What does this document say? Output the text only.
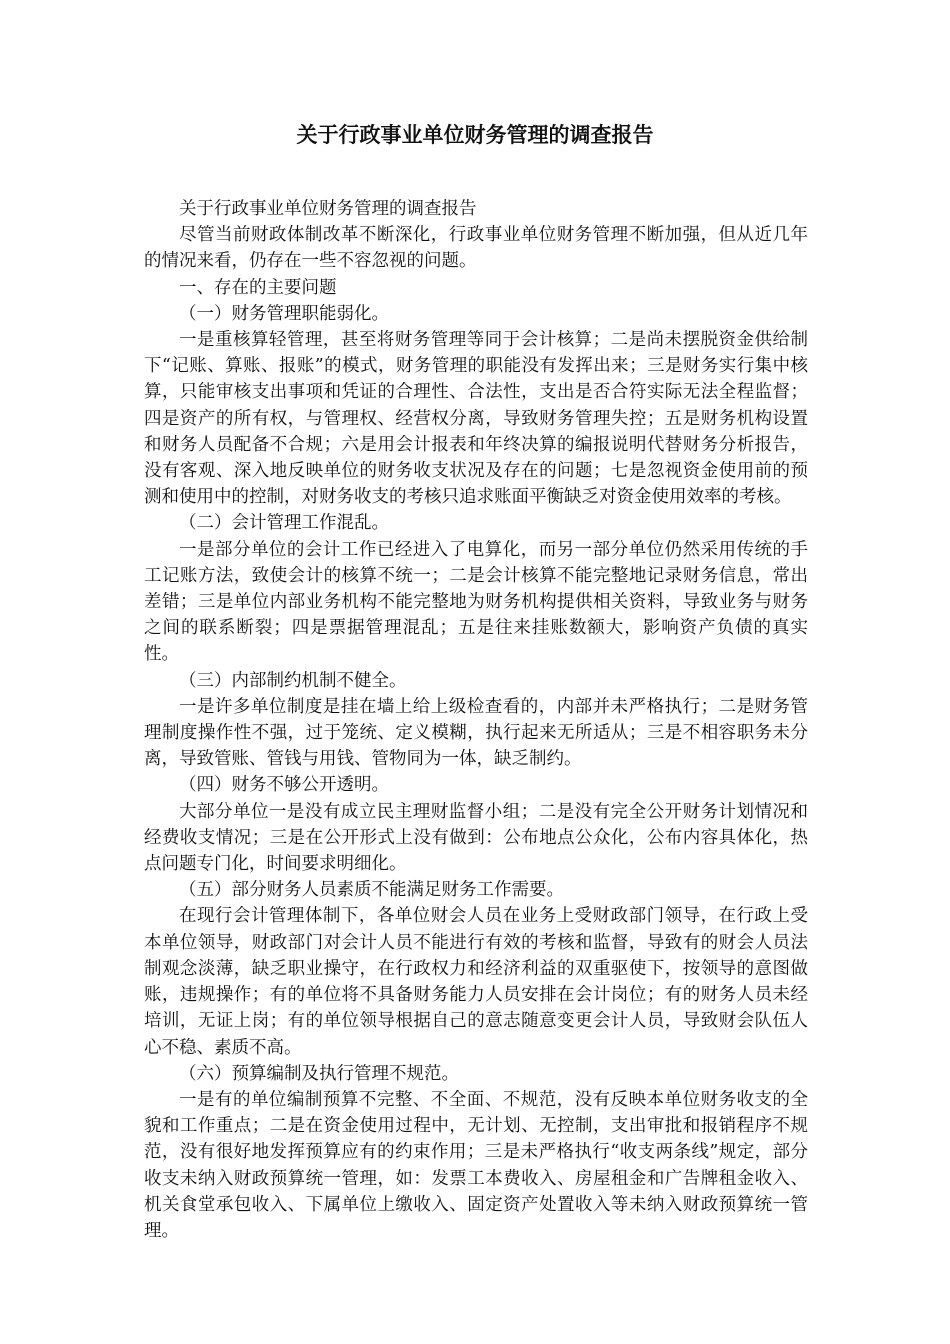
关于行政事业单位财务管理的调查报告

关于行政事业单位财务管理的调查报告

尽管当前财政体制改革不断深化，行政事业单位财务管理不断加强，但从近几年的情况来看，仍存在一些不容忽视的问题。

一、存在的主要问题

（一）财务管理职能弱化。

一是重核算轻管理，甚至将财务管理等同于会计核算；二是尚未摆脱资金供给制下“记账、算账、报账”的模式，财务管理的职能没有发挥出来；三是财务实行集中核算，只能审核支出事项和凭证的合理性、合法性，支出是否合符实际无法全程监督；四是资产的所有权，与管理权、经营权分离，导致财务管理失控；五是财务机构设置和财务人员配备不合规；六是用会计报表和年终决算的编报说明代替财务分析报告，没有客观、深入地反映单位的财务收支状况及存在的问题；七是忽视资金使用前的预测和使用中的控制，对财务收支的考核只追求账面平衡缺乏对资金使用效率的考核。

（二）会计管理工作混乱。

一是部分单位的会计工作已经进入了电算化，而另一部分单位仍然采用传统的手工记账方法，致使会计的核算不统一；二是会计核算不能完整地记录财务信息，常出差错；三是单位内部业务机构不能完整地为财务机构提供相关资料，导致业务与财务之间的联系断裂；四是票据管理混乱；五是往来挂账数额大，影响资产负债的真实性。

（三）内部制约机制不健全。

一是许多单位制度是挂在墙上给上级检查看的，内部并未严格执行；二是财务管理制度操作性不强，过于笼统、定义模糊，执行起来无所适从；三是不相容职务未分离，导致管账、管钱与用钱、管物同为一体，缺乏制约。

（四）财务不够公开透明。

大部分单位一是没有成立民主理财监督小组；二是没有完全公开财务计划情况和经费收支情况；三是在公开形式上没有做到：公布地点公众化，公布内容具体化，热点问题专门化，时间要求明细化。

（五）部分财务人员素质不能满足财务工作需要。

在现行会计管理体制下，各单位财会人员在业务上受财政部门领导，在行政上受本单位领导，财政部门对会计人员不能进行有效的考核和监督，导致有的财会人员法制观念淡薄，缺乏职业操守，在行政权力和经济利益的双重驱使下，按领导的意图做账，违规操作；有的单位将不具备财务能力人员安排在会计岗位；有的财务人员未经培训，无证上岗；有的单位领导根据自己的意志随意变更会计人员，导致财会队伍人心不稳、素质不高。

（六）预算编制及执行管理不规范。

一是有的单位编制预算不完整、不全面、不规范，没有反映本单位财务收支的全貌和工作重点；二是在资金使用过程中，无计划、无控制，支出审批和报销程序不规范，没有很好地发挥预算应有的约束作用；三是未严格执行“收支两条线”规定，部分收支未纳入财政预算统一管理，如：发票工本费收入、房屋租金和广告牌租金收入、机关食堂承包收入、下属单位上缴收入、固定资产处置收入等未纳入财政预算统一管理。
